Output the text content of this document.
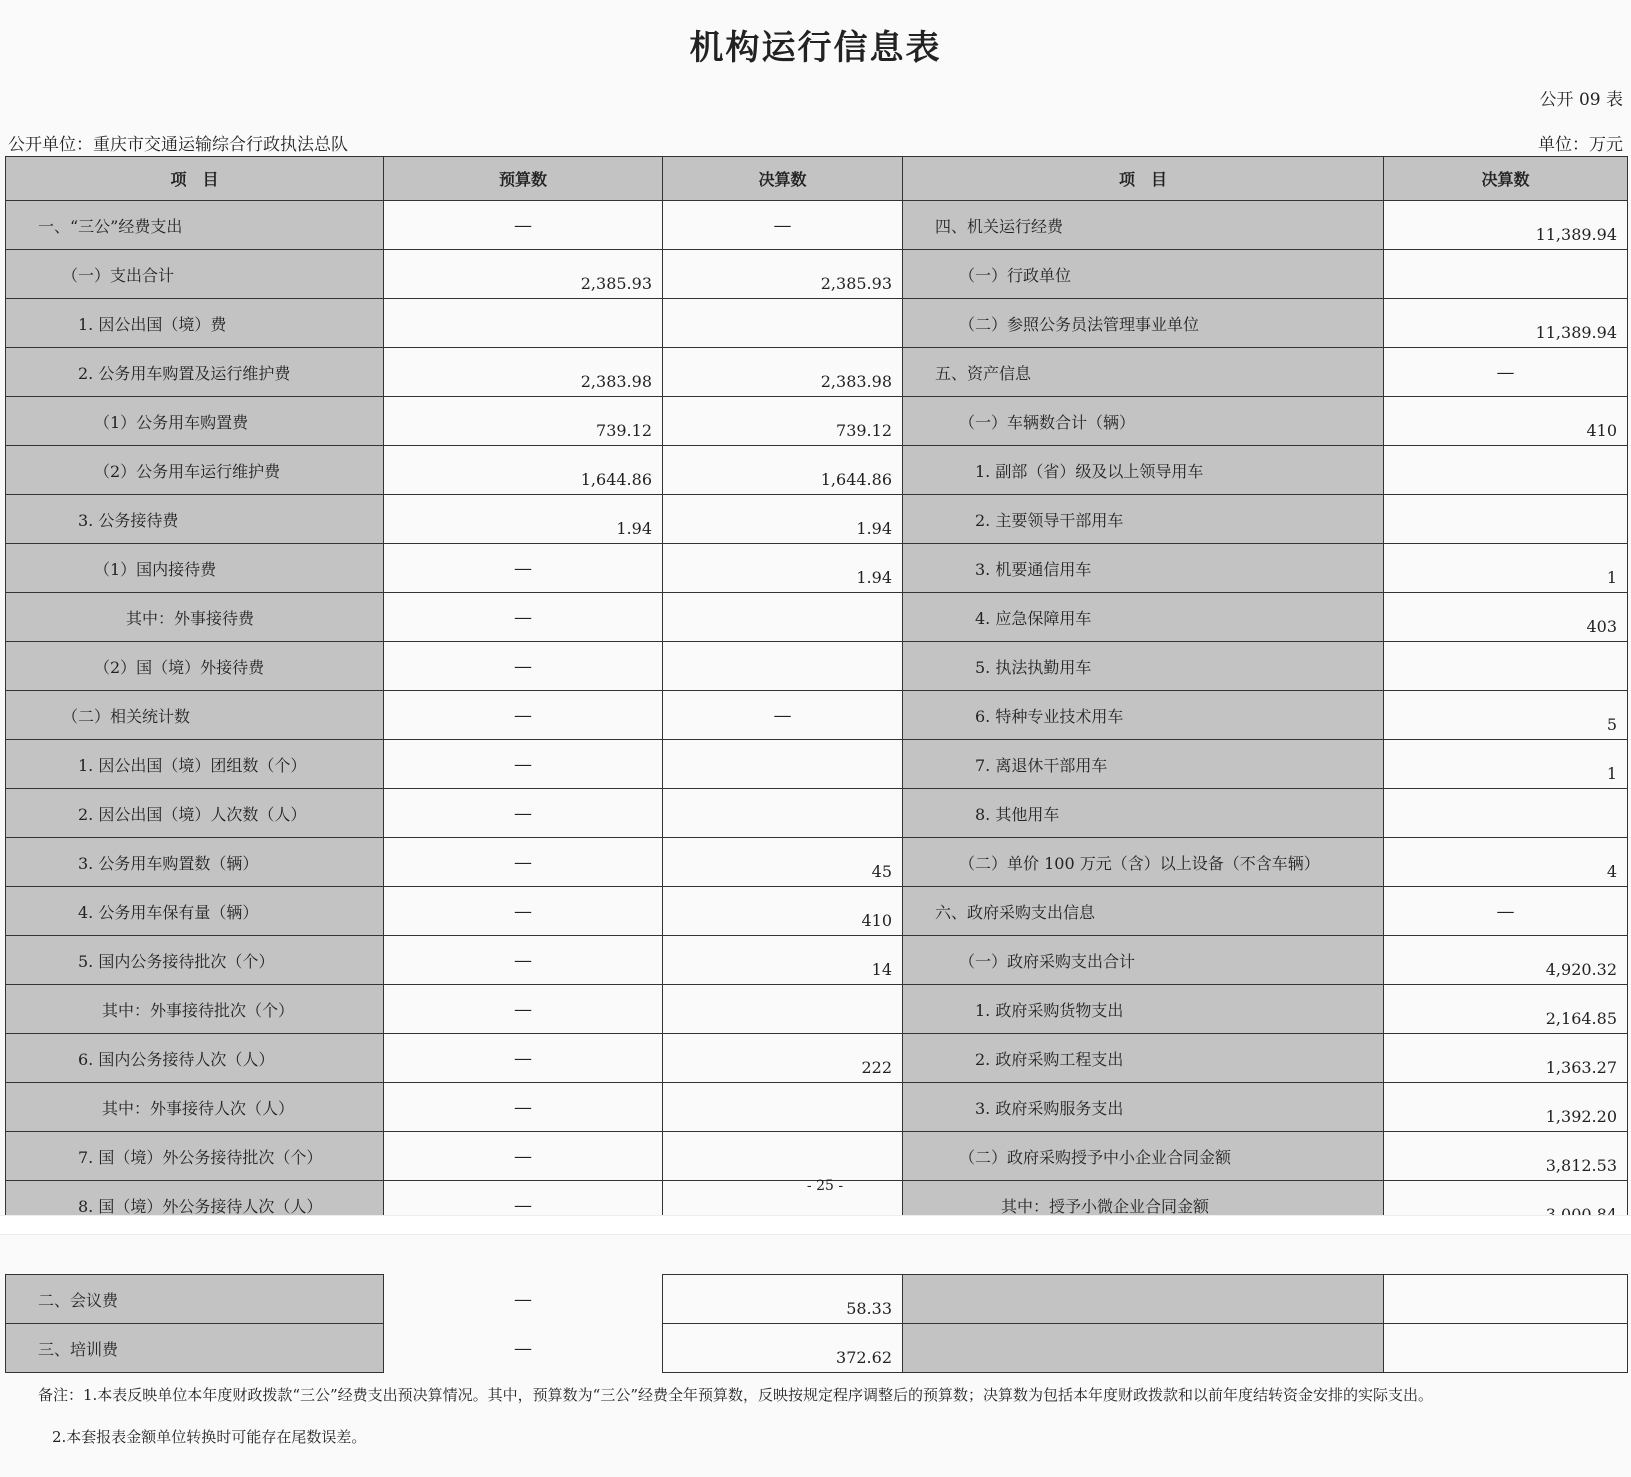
机构运行信息表
公开 09 表
公开单位：重庆市交通运输综合行政执法总队	单位：万元
项　目	预算数	决算数	项　目	决算数
一、“三公”经费支出	—	—	四、机关运行经费	11,389.94
（一）支出合计	2,385.93	2,385.93	（一）行政单位	
1. 因公出国（境）费			（二）参照公务员法管理事业单位	11,389.94
2. 公务用车购置及运行维护费	2,383.98	2,383.98	五、资产信息	—
（1）公务用车购置费	739.12	739.12	（一）车辆数合计（辆）	410
（2）公务用车运行维护费	1,644.86	1,644.86	1. 副部（省）级及以上领导用车	
3. 公务接待费	1.94	1.94	2. 主要领导干部用车	
（1）国内接待费	—	1.94	3. 机要通信用车	1
其中：外事接待费	—		4. 应急保障用车	403
（2）国（境）外接待费	—		5. 执法执勤用车	
（二）相关统计数	—	—	6. 特种专业技术用车	5
1. 因公出国（境）团组数（个）	—		7. 离退休干部用车	1
2. 因公出国（境）人次数（人）	—		8. 其他用车	
3. 公务用车购置数（辆）	—	45	（二）单价 100 万元（含）以上设备（不含车辆）	4
4. 公务用车保有量（辆）	—	410	六、政府采购支出信息	—
5. 国内公务接待批次（个）	—	14	（一）政府采购支出合计	4,920.32
其中：外事接待批次（个）	—		1. 政府采购货物支出	2,164.85
6. 国内公务接待人次（人）	—	222	2. 政府采购工程支出	1,363.27
其中：外事接待人次（人）	—		3. 政府采购服务支出	1,392.20
7. 国（境）外公务接待批次（个）	—		（二）政府采购授予中小企业合同金额	3,812.53
8. 国（境）外公务接待人次（人）	—		其中：授予小微企业合同金额	
- 25 -
二、会议费	—	58.33		
三、培训费	—	372.62		
备注：1.本表反映单位本年度财政拨款“三公”经费支出预决算情况。其中，预算数为“三公”经费全年预算数，反映按规定程序调整后的预算数；决算数为包括本年度财政拨款和以前年度结转资金安排的实际支出。
2.本套报表金额单位转换时可能存在尾数误差。
